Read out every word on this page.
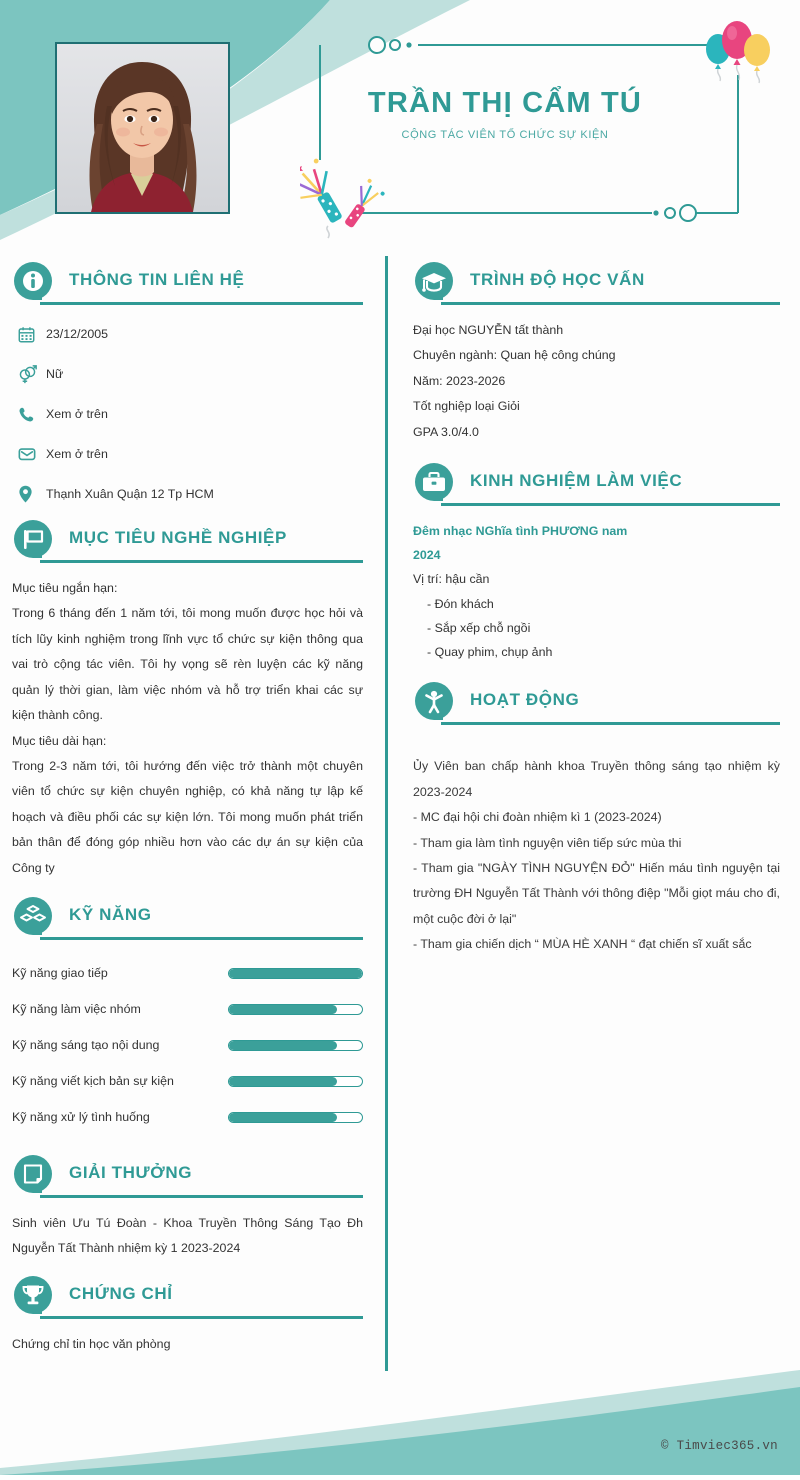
TRẦN THỊ CẨM TÚ
CỘNG TÁC VIÊN TỔ CHỨC SỰ KIỆN
THÔNG TIN LIÊN HỆ
23/12/2005
Nữ
Xem ở trên
Xem ở trên
Thạnh Xuân Quận 12 Tp HCM
MỤC TIÊU NGHỀ NGHIỆP

Mục tiêu ngắn hạn:

Trong 6 tháng đến 1 năm tới, tôi mong muốn được học hỏi và tích lũy kinh nghiệm trong lĩnh vực tổ chức sự kiện thông qua vai trò cộng tác viên. Tôi hy vọng sẽ rèn luyện các kỹ năng quản lý thời gian, làm việc nhóm và hỗ trợ triển khai các sự kiện thành công.

Mục tiêu dài hạn:

Trong 2-3 năm tới, tôi hướng đến việc trở thành một chuyên viên tổ chức sự kiện chuyên nghiệp, có khả năng tự lập kế hoạch và điều phối các sự kiện lớn. Tôi mong muốn phát triển bản thân để đóng góp nhiều hơn vào các dự án sự kiện của Công ty

KỸ NĂNG
Kỹ năng giao tiếp
Kỹ năng làm việc nhóm
Kỹ năng sáng tạo nội dung
Kỹ năng viết kịch bản sự kiện
Kỹ năng xử lý tình huống
GIẢI THƯỞNG

Sinh viên Ưu Tú Đoàn - Khoa Truyền Thông Sáng Tạo Đh Nguyễn Tất Thành nhiệm kỳ 1 2023-2024

CHỨNG CHỈ

Chứng chỉ tin học văn phòng

TRÌNH ĐỘ HỌC VẤN
Đại học NGUYỄN tất thành
Chuyên ngành: Quan hệ công chúng
Năm: 2023-2026
Tốt nghiệp loại Giỏi
GPA 3.0/4.0
KINH NGHIỆM LÀM VIỆC
Đêm nhạc NGhĩa tình PHƯƠNG nam
2024
Vị trí: hậu cần
- Đón khách
- Sắp xếp chỗ ngồi
- Quay phim, chụp ảnh
HOẠT ĐỘNG
Ủy Viên ban chấp hành khoa Truyền thông sáng tạo nhiệm kỳ 2023-2024
- MC đại hội chi đoàn nhiệm kì 1 (2023-2024)
- Tham gia làm tình nguyện viên tiếp sức mùa thi
- Tham gia "NGÀY TÌNH NGUYỆN ĐỎ" Hiến máu tình nguyện tại trường ĐH Nguyễn Tất Thành với thông điệp "Mỗi giọt máu cho đi, một cuộc đời ở lại"
- Tham gia chiến dịch “ MÙA HÈ XANH “ đạt chiến sĩ xuất sắc
© Timviec365.vn
